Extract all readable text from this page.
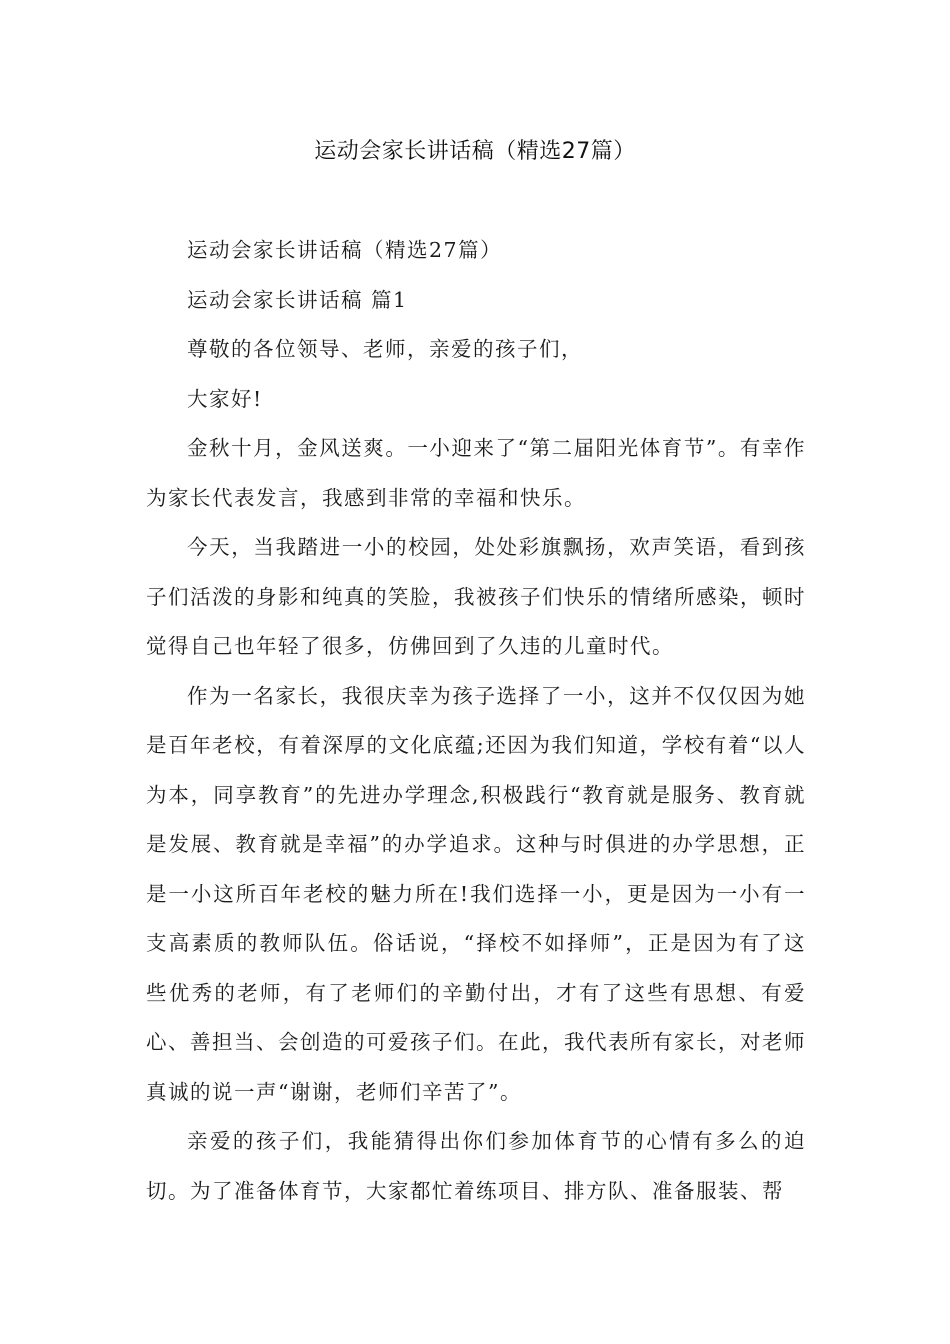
运动会家长讲话稿（精选27篇）

运动会家长讲话稿（精选27篇）

运动会家长讲话稿 篇1

尊敬的各位领导、老师，亲爱的孩子们，

大家好!

金秋十月，金风送爽。一小迎来了“第二届阳光体育节”。有幸作为家长代表发言，我感到非常的幸福和快乐。

今天，当我踏进一小的校园，处处彩旗飘扬，欢声笑语，看到孩子们活泼的身影和纯真的笑脸，我被孩子们快乐的情绪所感染，顿时觉得自己也年轻了很多，仿佛回到了久违的儿童时代。

作为一名家长，我很庆幸为孩子选择了一小，这并不仅仅因为她是百年老校，有着深厚的文化底蕴;还因为我们知道，学校有着“以人为本，同享教育”的先进办学理念,积极践行“教育就是服务、教育就是发展、教育就是幸福”的办学追求。这种与时俱进的办学思想，正是一小这所百年老校的魅力所在!我们选择一小，更是因为一小有一支高素质的教师队伍。俗话说，“择校不如择师”，正是因为有了这些优秀的老师，有了老师们的辛勤付出，才有了这些有思想、有爱心、善担当、会创造的可爱孩子们。在此，我代表所有家长，对老师真诚的说一声“谢谢，老师们辛苦了”。

亲爱的孩子们，我能猜得出你们参加体育节的心情有多么的迫切。为了准备体育节，大家都忙着练项目、排方队、准备服装、帮
